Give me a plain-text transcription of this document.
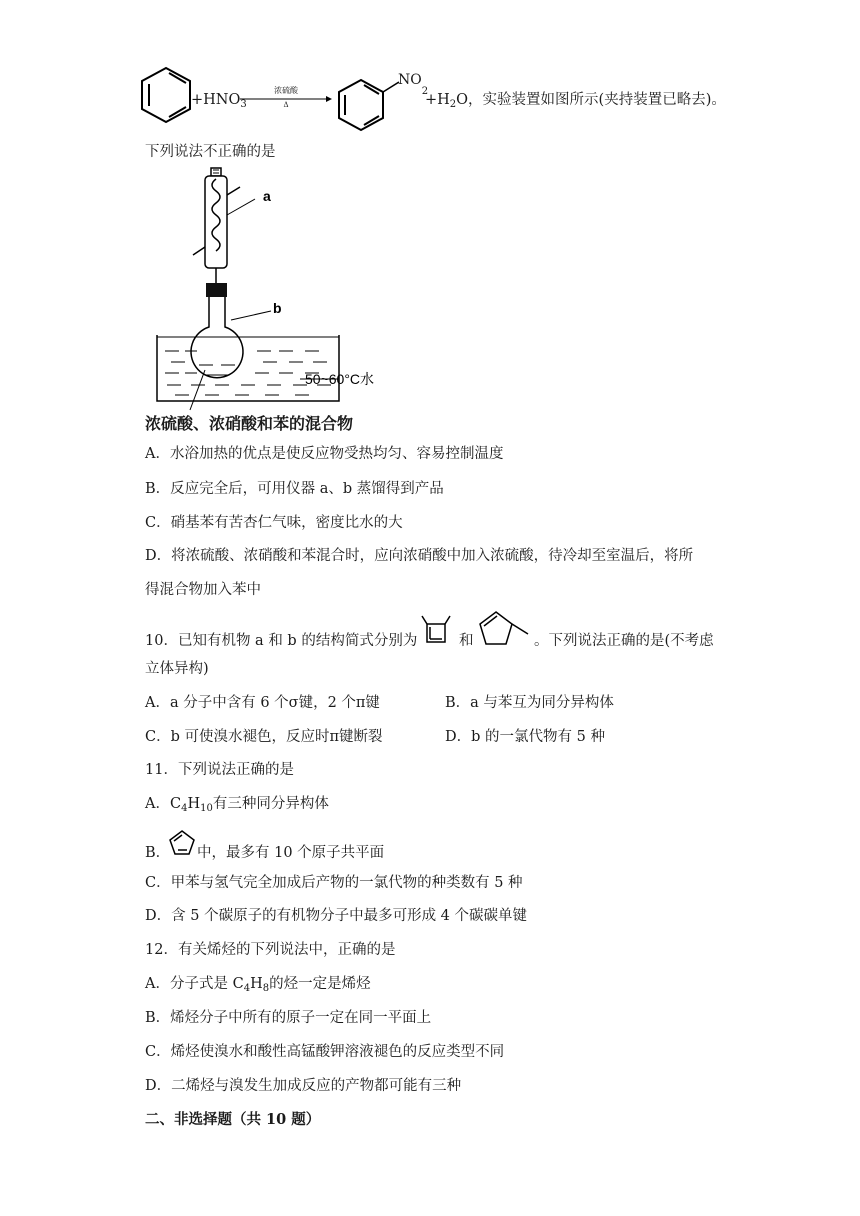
$+HNO_3$
浓硫酸
Δ
$NO_2$
$+H_2O$，实验装置如图所示(夹持装置已略去)。
下列说法不正确的是
a
b
50~60°C水
浓硫酸、浓硝酸和苯的混合物
A．水浴加热的优点是使反应物受热均匀、容易控制温度
B．反应完全后，可用仪器 a、b 蒸馏得到产品
C．硝基苯有苦杏仁气味，密度比水的大
D．将浓硫酸、浓硝酸和苯混合时，应向浓硝酸中加入浓硫酸，待冷却至室温后，将所
得混合物加入苯中
10．已知有机物 a 和 b 的结构简式分别为	和	。下列说法正确的是(不考虑
立体异构)
A．a 分子中含有 6 个σ键，2 个π键	B．a 与苯互为同分异构体
C．b 可使溴水褪色，反应时π键断裂	D．b 的一氯代物有 5 种
11．下列说法正确的是
A．$C_4H_{10}$有三种同分异构体
B． 中，最多有 10 个原子共平面
C．甲苯与氢气完全加成后产物的一氯代物的种类数有 5 种
D．含 5 个碳原子的有机物分子中最多可形成 4 个碳碳单键
12．有关烯烃的下列说法中，正确的是
A．分子式是 $C_4H_8$的烃一定是烯烃
B．烯烃分子中所有的原子一定在同一平面上
C．烯烃使溴水和酸性高锰酸钾溶液褪色的反应类型不同
D．二烯烃与溴发生加成反应的产物都可能有三种
二、非选择题（共 10 题）
